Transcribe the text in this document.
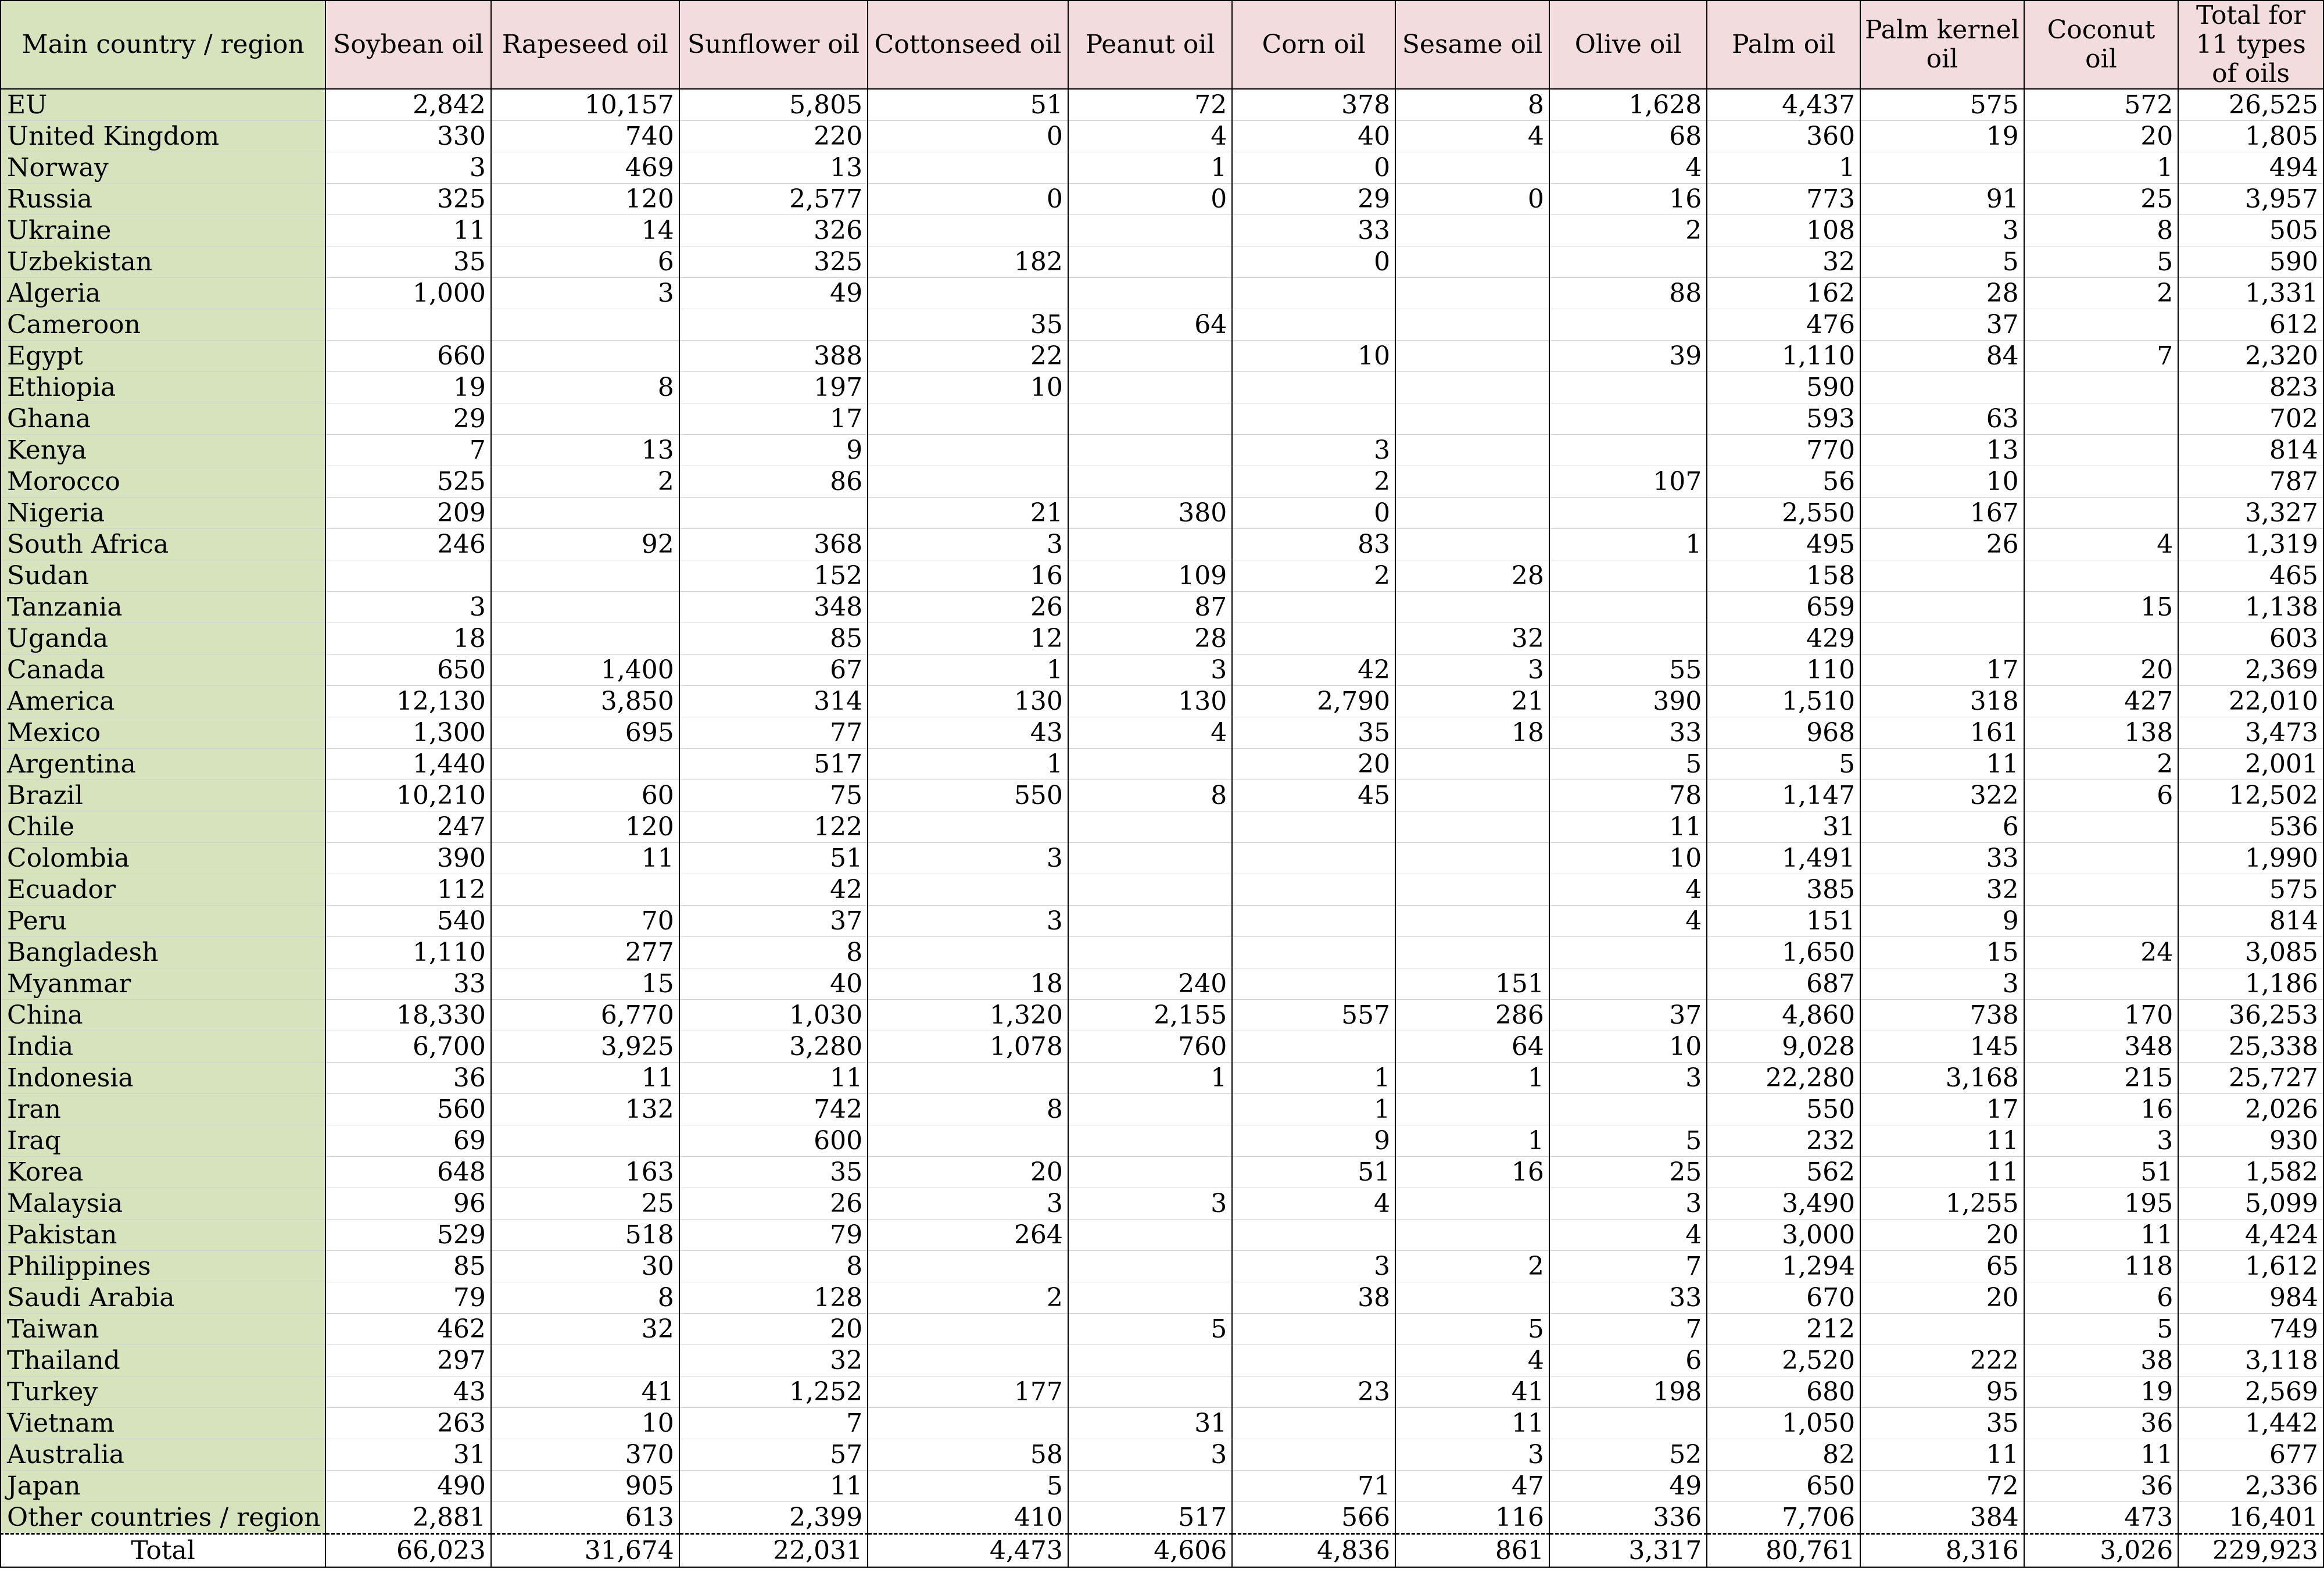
Main country / region	Soybean oil	Rapeseed oil	Sunflower oil	Cottonseed oil	Peanut oil	Corn oil	Sesame oil	Olive oil	Palm oil	Palm kernel oil	Coconut oil	Total for 11 types of oils
EU	2,842	10,157	5,805	51	72	378	8	1,628	4,437	575	572	26,525
United Kingdom	330	740	220	0	4	40	4	68	360	19	20	1,805
Norway	3	469	13		1	0		4	1		1	494
Russia	325	120	2,577	0	0	29	0	16	773	91	25	3,957
Ukraine	11	14	326			33		2	108	3	8	505
Uzbekistan	35	6	325	182		0			32	5	5	590
Algeria	1,000	3	49					88	162	28	2	1,331
Cameroon				35	64				476	37		612
Egypt	660		388	22		10		39	1,110	84	7	2,320
Ethiopia	19	8	197	10					590			823
Ghana	29		17						593	63		702
Kenya	7	13	9			3			770	13		814
Morocco	525	2	86			2		107	56	10		787
Nigeria	209			21	380	0			2,550	167		3,327
South Africa	246	92	368	3		83		1	495	26	4	1,319
Sudan			152	16	109	2	28		158			465
Tanzania	3		348	26	87				659		15	1,138
Uganda	18		85	12	28		32		429			603
Canada	650	1,400	67	1	3	42	3	55	110	17	20	2,369
America	12,130	3,850	314	130	130	2,790	21	390	1,510	318	427	22,010
Mexico	1,300	695	77	43	4	35	18	33	968	161	138	3,473
Argentina	1,440		517	1		20		5	5	11	2	2,001
Brazil	10,210	60	75	550	8	45		78	1,147	322	6	12,502
Chile	247	120	122					11	31	6		536
Colombia	390	11	51	3				10	1,491	33		1,990
Ecuador	112		42					4	385	32		575
Peru	540	70	37	3				4	151	9		814
Bangladesh	1,110	277	8						1,650	15	24	3,085
Myanmar	33	15	40	18	240		151		687	3		1,186
China	18,330	6,770	1,030	1,320	2,155	557	286	37	4,860	738	170	36,253
India	6,700	3,925	3,280	1,078	760		64	10	9,028	145	348	25,338
Indonesia	36	11	11		1	1	1	3	22,280	3,168	215	25,727
Iran	560	132	742	8		1			550	17	16	2,026
Iraq	69		600			9	1	5	232	11	3	930
Korea	648	163	35	20		51	16	25	562	11	51	1,582
Malaysia	96	25	26	3	3	4		3	3,490	1,255	195	5,099
Pakistan	529	518	79	264				4	3,000	20	11	4,424
Philippines	85	30	8			3	2	7	1,294	65	118	1,612
Saudi Arabia	79	8	128	2		38		33	670	20	6	984
Taiwan	462	32	20		5		5	7	212		5	749
Thailand	297		32				4	6	2,520	222	38	3,118
Turkey	43	41	1,252	177		23	41	198	680	95	19	2,569
Vietnam	263	10	7		31		11		1,050	35	36	1,442
Australia	31	370	57	58	3		3	52	82	11	11	677
Japan	490	905	11	5		71	47	49	650	72	36	2,336
Other countries / region	2,881	613	2,399	410	517	566	116	336	7,706	384	473	16,401
Total	66,023	31,674	22,031	4,473	4,606	4,836	861	3,317	80,761	8,316	3,026	229,923
